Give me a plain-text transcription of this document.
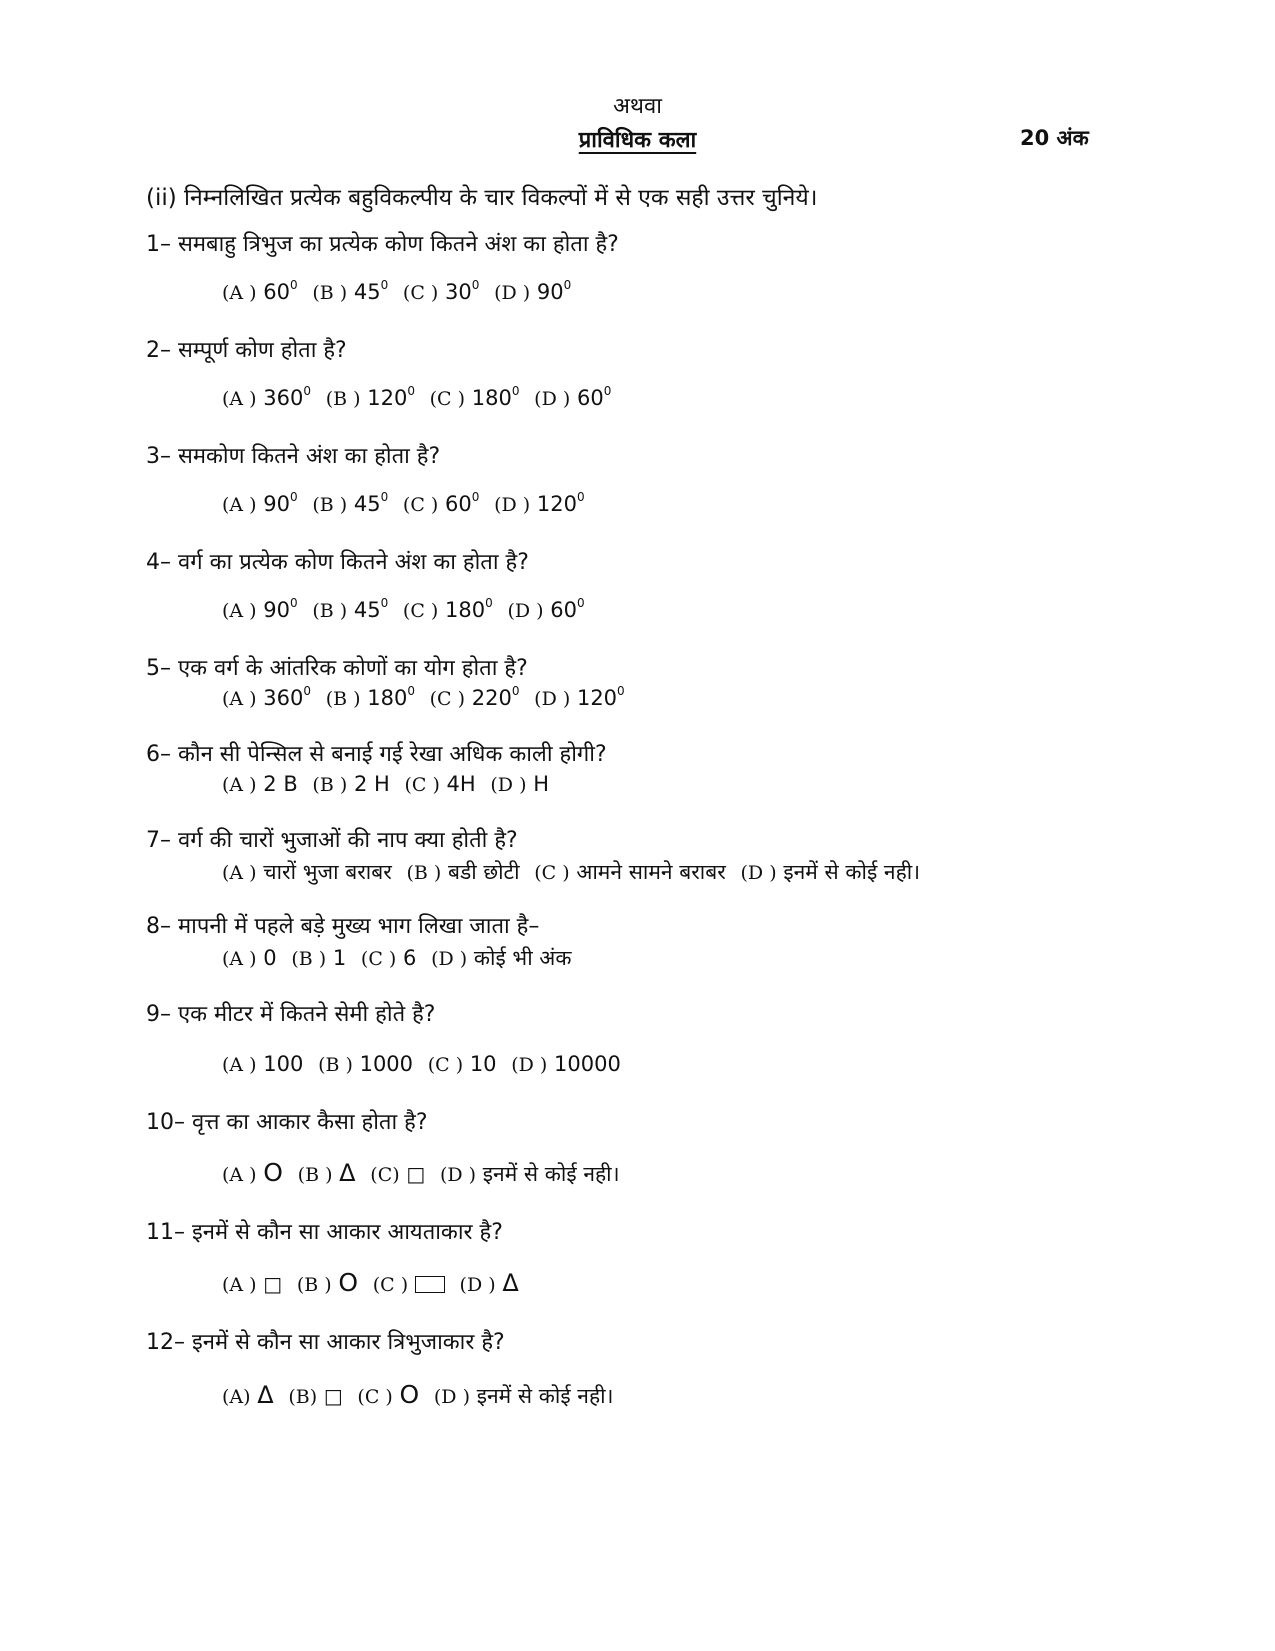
अथवा
प्राविधिक कला	20 अंक
(ii) निम्नलिखित प्रत्येक बहुविकल्पीय के चार विकल्पों में से एक सही उत्तर चुनिये।
1– समबाहु त्रिभुज का प्रत्येक कोण कितने अंश का होता है?
(A ) $60^0$ (B ) $45^0$ (C ) $30^0$ (D ) $90^0$
2– सम्पूर्ण कोण होता है?
(A ) $360^0$ (B ) $120^0$ (C ) $180^0$ (D ) $60^0$
3– समकोण कितने अंश का होता है?
(A ) $90^0$ (B ) $45^0$ (C ) $60^0$ (D ) $120^0$
4– वर्ग का प्रत्येक कोण कितने अंश का होता है?
(A ) $90^0$ (B ) $45^0$ (C ) $180^0$ (D ) $60^0$
5– एक वर्ग के आंतरिक कोणों का योग होता है?
(A ) $360^0$ (B ) $180^0$ (C ) $220^0$ (D ) $120^0$
6– कौन सी पेन्सिल से बनाई गई रेखा अधिक काली होगी?
(A ) 2 B (B ) 2 H (C ) 4H (D ) H
7– वर्ग की चारों भुजाओं की नाप क्या होती है?
(A ) चारों भुजा बराबर (B ) बडी छोटी (C ) आमने सामने बराबर (D ) इनमें से कोई नही।
8– मापनी में पहले बड़े मुख्य भाग लिखा जाता है–
(A ) 0 (B ) 1 (C ) 6 (D ) कोई भी अंक
9– एक मीटर में कितने सेमी होते है?
(A ) 100 (B ) 1000 (C ) 10 (D ) 10000
10– वृत्त का आकार कैसा होता है?
(A ) O (B ) Δ (C) □ (D ) इनमें से कोई नही।
11– इनमें से कौन सा आकार आयताकार है?
(A ) □ (B ) O (C )	(D ) Δ
12– इनमें से कौन सा आकार त्रिभुजाकार है?
(A) Δ (B) □ (C ) O (D ) इनमें से कोई नही।
